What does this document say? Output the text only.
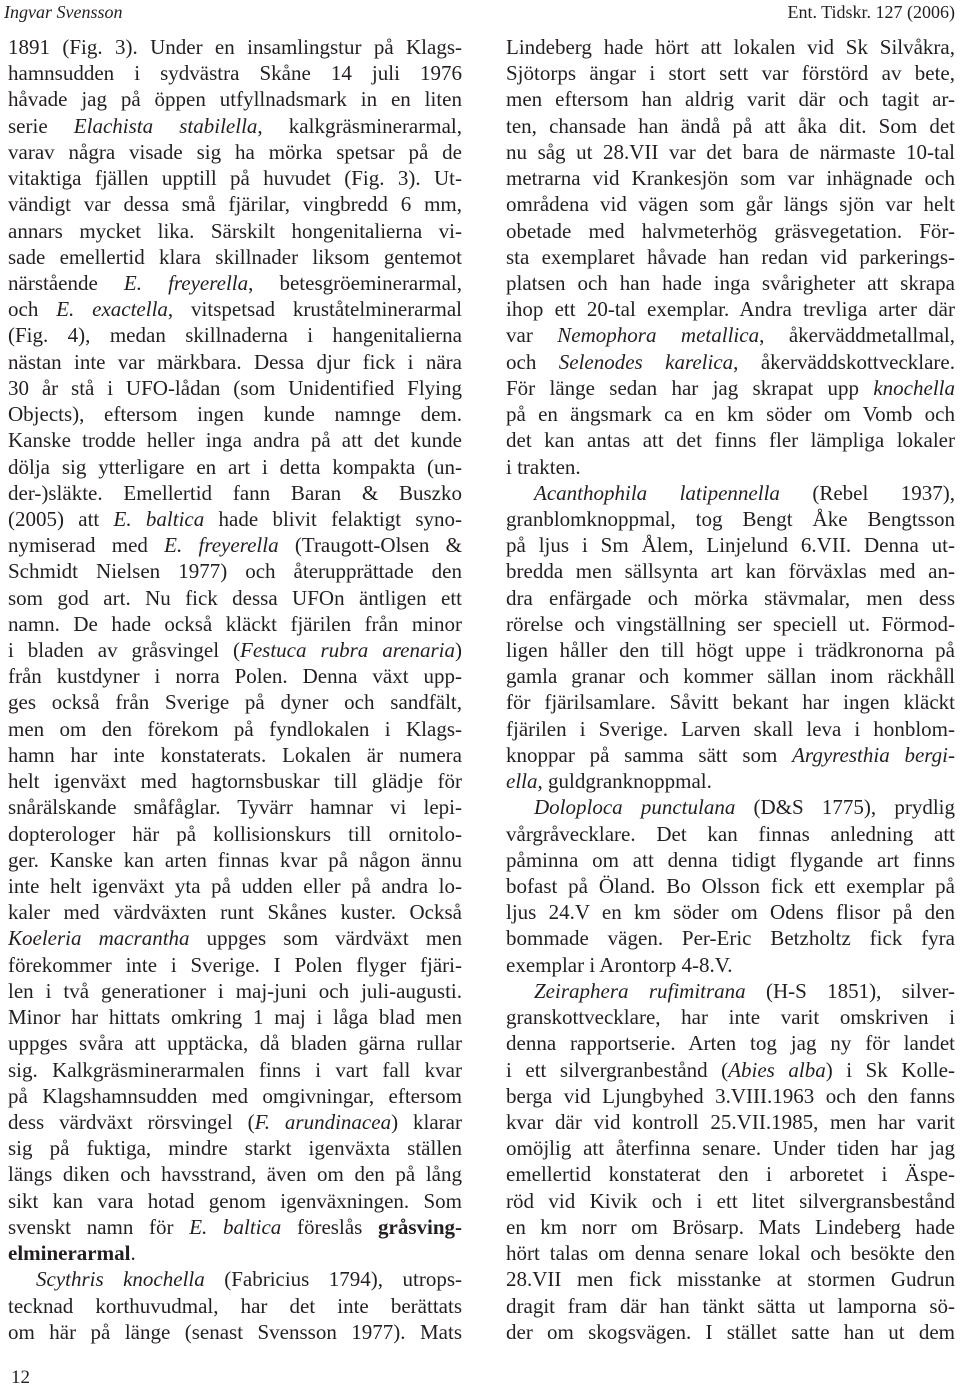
Ingvar Svensson	Ent. Tidskr. 127 (2006)
1891 (Fig. 3). Under en insamlingstur på Klags-
hamnsudden i sydvästra Skåne 14 juli 1976
håvade jag på öppen utfyllnadsmark in en liten
serie Elachista stabilella, kalkgräsminerarmal,
varav några visade sig ha mörka spetsar på de
vitaktiga fjällen upptill på huvudet (Fig. 3). Ut-
vändigt var dessa små fjärilar, vingbredd 6 mm,
annars mycket lika. Särskilt hongenitalierna vi-
sade emellertid klara skillnader liksom gentemot
närstående E. freyerella, betesgröeminerarmal,
och E. exactella, vitspetsad kruståtelminerarmal
(Fig. 4), medan skillnaderna i hangenitalierna
nästan inte var märkbara. Dessa djur fick i nära
30 år stå i UFO-lådan (som Unidentified Flying
Objects), eftersom ingen kunde namnge dem.
Kanske trodde heller inga andra på att det kunde
dölja sig ytterligare en art i detta kompakta (un-
der-)släkte. Emellertid fann Baran & Buszko
(2005) att E. baltica hade blivit felaktigt syno-
nymiserad med E. freyerella (Traugott-Olsen &
Schmidt Nielsen 1977) och återupprättade den
som god art. Nu fick dessa UFOn äntligen ett
namn. De hade också kläckt fjärilen från minor
i bladen av gråsvingel (Festuca rubra arenaria)
från kustdyner i norra Polen. Denna växt upp-
ges också från Sverige på dyner och sandfält,
men om den förekom på fyndlokalen i Klags-
hamn har inte konstaterats. Lokalen är numera
helt igenväxt med hagtornsbuskar till glädje för
snårälskande småfåglar. Tyvärr hamnar vi lepi-
dopterologer här på kollisionskurs till ornitolo-
ger. Kanske kan arten finnas kvar på någon ännu
inte helt igenväxt yta på udden eller på andra lo-
kaler med värdväxten runt Skånes kuster. Också
Koeleria macrantha uppges som värdväxt men
förekommer inte i Sverige. I Polen flyger fjäri-
len i två generationer i maj-juni och juli-augusti.
Minor har hittats omkring 1 maj i låga blad men
uppges svåra att upptäcka, då bladen gärna rullar
sig. Kalkgräsminerarmalen finns i vart fall kvar
på Klagshamnsudden med omgivningar, eftersom
dess värdväxt rörsvingel (F. arundinacea) klarar
sig på fuktiga, mindre starkt igenväxta ställen
längs diken och havsstrand, även om den på lång
sikt kan vara hotad genom igenväxningen. Som
svenskt namn för E. baltica föreslås gråsving-
elminerarmal.
Scythris knochella (Fabricius 1794), utrops-
tecknad korthuvudmal, har det inte berättats
om här på länge (senast Svensson 1977). Mats
Lindeberg hade hört att lokalen vid Sk Silvåkra,
Sjötorps ängar i stort sett var förstörd av bete,
men eftersom han aldrig varit där och tagit ar-
ten, chansade han ändå på att åka dit. Som det
nu såg ut 28.VII var det bara de närmaste 10-tal
metrarna vid Krankesjön som var inhägnade och
områdena vid vägen som går längs sjön var helt
obetade med halvmeterhög gräsvegetation. För-
sta exemplaret håvade han redan vid parkerings-
platsen och han hade inga svårigheter att skrapa
ihop ett 20-tal exemplar. Andra trevliga arter där
var Nemophora metallica, åkerväddmetallmal,
och Selenodes karelica, åkerväddskottvecklare.
För länge sedan har jag skrapat upp knochella
på en ängsmark ca en km söder om Vomb och
det kan antas att det finns fler lämpliga lokaler
i trakten.
Acanthophila latipennella (Rebel 1937),
granblomknoppmal, tog Bengt Åke Bengtsson
på ljus i Sm Ålem, Linjelund 6.VII. Denna ut-
bredda men sällsynta art kan förväxlas med an-
dra enfärgade och mörka stävmalar, men dess
rörelse och vingställning ser speciell ut. Förmod-
ligen håller den till högt uppe i trädkronorna på
gamla granar och kommer sällan inom räckhåll
för fjärilsamlare. Såvitt bekant har ingen kläckt
fjärilen i Sverige. Larven skall leva i honblom-
knoppar på samma sätt som Argyresthia bergi-
ella, guldgranknoppmal.
Doloploca punctulana (D&S 1775), prydlig
vårgråvecklare. Det kan finnas anledning att
påminna om att denna tidigt flygande art finns
bofast på Öland. Bo Olsson fick ett exemplar på
ljus 24.V en km söder om Odens flisor på den
bommade vägen. Per-Eric Betzholtz fick fyra
exemplar i Arontorp 4-8.V.
Zeiraphera rufimitrana (H-S 1851), silver-
granskottvecklare, har inte varit omskriven i
denna rapportserie. Arten tog jag ny för landet
i ett silvergranbestånd (Abies alba) i Sk Kolle-
berga vid Ljungbyhed 3.VIII.1963 och den fanns
kvar där vid kontroll 25.VII.1985, men har varit
omöjlig att återfinna senare. Under tiden har jag
emellertid konstaterat den i arboretet i Äspe-
röd vid Kivik och i ett litet silvergransbestånd
en km norr om Brösarp. Mats Lindeberg hade
hört talas om denna senare lokal och besökte den
28.VII men fick misstanke at stormen Gudrun
dragit fram där han tänkt sätta ut lamporna sö-
der om skogsvägen. I stället satte han ut dem
12
